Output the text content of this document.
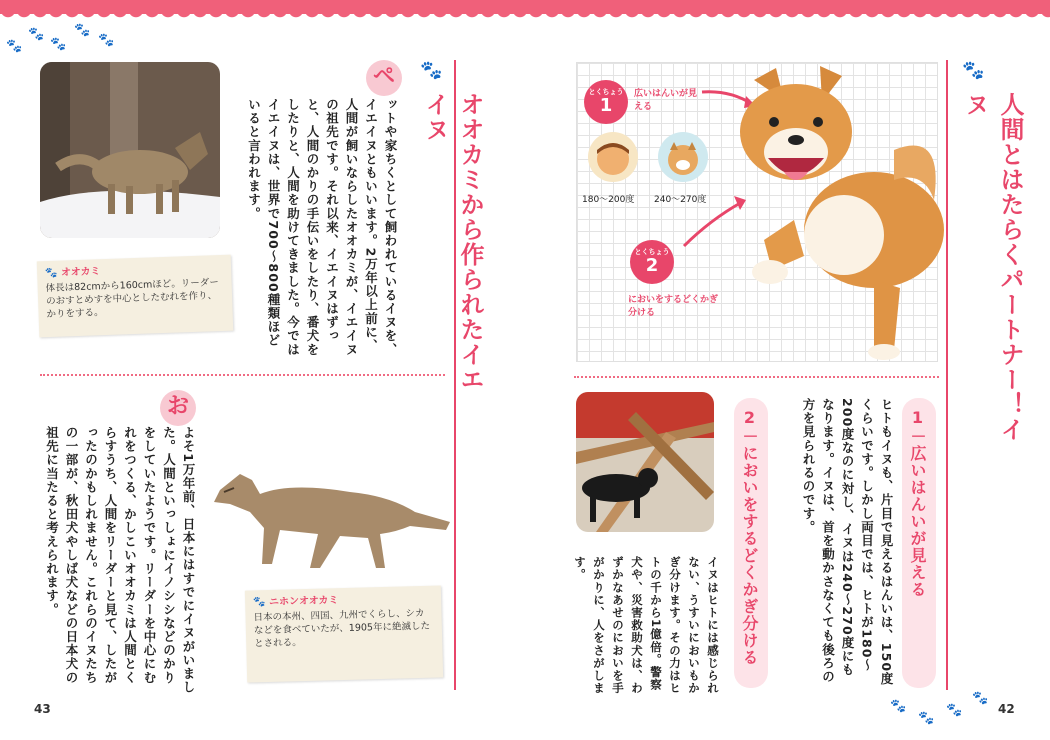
🐾
🐾
🐾
🐾
🐾
🐾
🐾
🐾
🐾
🐾 オオカミ
体長は82cmから160cmほど。リーダーのおすとめすを中心としたむれを作り、かりをする。
ペ
ットや家ちくとして飼われているイヌを、イエイヌともいいます。2万年以上前に、人間が飼いならしたオオカミが、イエイヌの祖先です。それ以来、イエイヌはずっと、人間のかりの手伝いをしたり、番犬をしたりと、人間を助けてきました。今ではイエイヌは、世界で700～800種類ほどいると言われます。
🐾
オオカミから作られたイエイヌ
お
よそ1万年前、日本にはすでにイヌがいました。人間といっしょにイノシシなどのかりをしていたようです。リーダーを中心にむれをつくる、かしこいオオカミは人間とくらすうち、人間をリーダーと見て、したがったのかもしれません。これらのイヌたちの一部が、秋田犬やしば犬などの日本犬の祖先に当たると考えられます。	🐾 ニホンオオカミ
日本の本州、四国、九州でくらし、シカなどを食べていたが、1905年に絶滅したとされる。
43
とくちょう
1
広いはんいが見える
180～200度 240～270度
とくちょう
2
においをするどくかぎ分ける
🐾
人間とはたらくパートナー！イヌ
2－においをするどくかぎ分ける
イヌはヒトには感じられない、うすいにおいもかぎ分けます。その力はヒトの千から1億倍。警察犬や、災害救助犬は、わずかなあせのにおいを手がかりに、人をさがします。	1－広いはんいが見える
ヒトもイヌも、片目で見えるはんいは、150度くらいです。しかし両目では、ヒトが180～200度なのに対し、イヌは240～270度にもなります。イヌは、首を動かさなくても後ろの方を見られるのです。
42
